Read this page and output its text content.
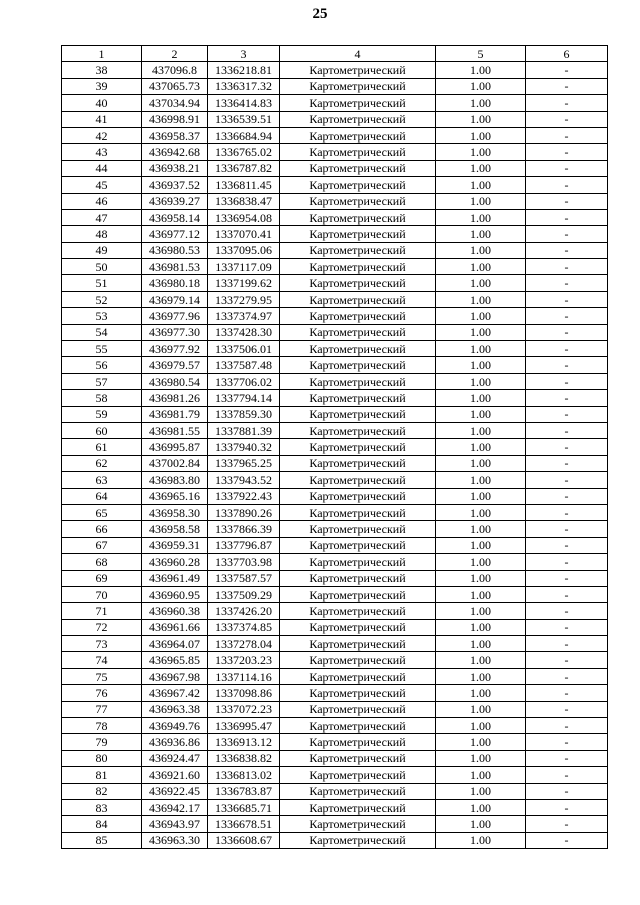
25
1	2	3	4	5	6
38	437096.8	1336218.81	Картометрический	1.00	-
39	437065.73	1336317.32	Картометрический	1.00	-
40	437034.94	1336414.83	Картометрический	1.00	-
41	436998.91	1336539.51	Картометрический	1.00	-
42	436958.37	1336684.94	Картометрический	1.00	-
43	436942.68	1336765.02	Картометрический	1.00	-
44	436938.21	1336787.82	Картометрический	1.00	-
45	436937.52	1336811.45	Картометрический	1.00	-
46	436939.27	1336838.47	Картометрический	1.00	-
47	436958.14	1336954.08	Картометрический	1.00	-
48	436977.12	1337070.41	Картометрический	1.00	-
49	436980.53	1337095.06	Картометрический	1.00	-
50	436981.53	1337117.09	Картометрический	1.00	-
51	436980.18	1337199.62	Картометрический	1.00	-
52	436979.14	1337279.95	Картометрический	1.00	-
53	436977.96	1337374.97	Картометрический	1.00	-
54	436977.30	1337428.30	Картометрический	1.00	-
55	436977.92	1337506.01	Картометрический	1.00	-
56	436979.57	1337587.48	Картометрический	1.00	-
57	436980.54	1337706.02	Картометрический	1.00	-
58	436981.26	1337794.14	Картометрический	1.00	-
59	436981.79	1337859.30	Картометрический	1.00	-
60	436981.55	1337881.39	Картометрический	1.00	-
61	436995.87	1337940.32	Картометрический	1.00	-
62	437002.84	1337965.25	Картометрический	1.00	-
63	436983.80	1337943.52	Картометрический	1.00	-
64	436965.16	1337922.43	Картометрический	1.00	-
65	436958.30	1337890.26	Картометрический	1.00	-
66	436958.58	1337866.39	Картометрический	1.00	-
67	436959.31	1337796.87	Картометрический	1.00	-
68	436960.28	1337703.98	Картометрический	1.00	-
69	436961.49	1337587.57	Картометрический	1.00	-
70	436960.95	1337509.29	Картометрический	1.00	-
71	436960.38	1337426.20	Картометрический	1.00	-
72	436961.66	1337374.85	Картометрический	1.00	-
73	436964.07	1337278.04	Картометрический	1.00	-
74	436965.85	1337203.23	Картометрический	1.00	-
75	436967.98	1337114.16	Картометрический	1.00	-
76	436967.42	1337098.86	Картометрический	1.00	-
77	436963.38	1337072.23	Картометрический	1.00	-
78	436949.76	1336995.47	Картометрический	1.00	-
79	436936.86	1336913.12	Картометрический	1.00	-
80	436924.47	1336838.82	Картометрический	1.00	-
81	436921.60	1336813.02	Картометрический	1.00	-
82	436922.45	1336783.87	Картометрический	1.00	-
83	436942.17	1336685.71	Картометрический	1.00	-
84	436943.97	1336678.51	Картометрический	1.00	-
85	436963.30	1336608.67	Картометрический	1.00	-
